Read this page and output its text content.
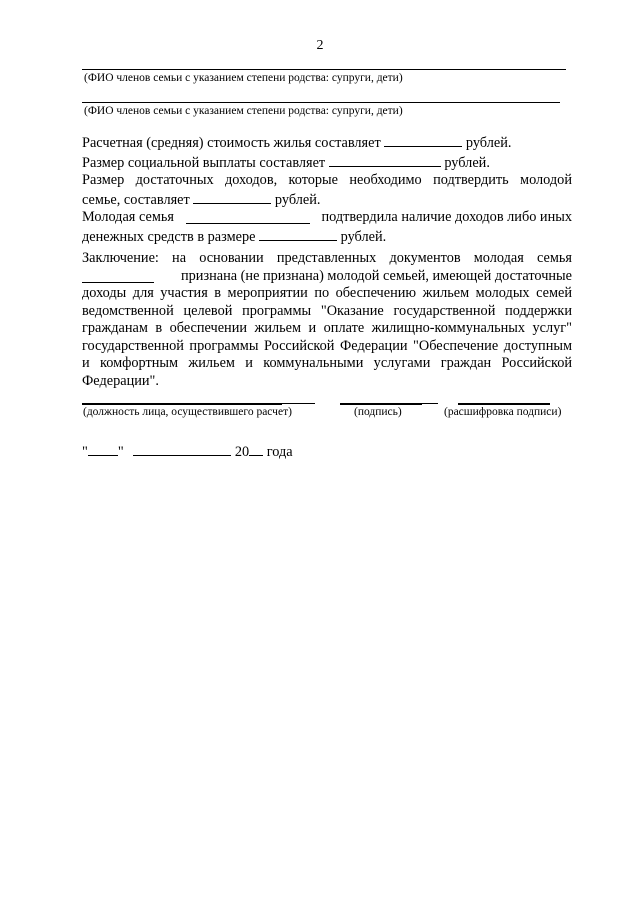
2
(ФИО членов семьи с указанием степени родства: супруги, дети)
(ФИО членов семьи с указанием степени родства: супруги, дети)
Расчетная (средняя) стоимость жилья составляет	рублей.
Размер социальной выплаты составляет	рублей.
Размер достаточных доходов, которые необходимо подтвердить молодой
семье, составляет	рублей.
Молодая семья	подтвердила наличие доходов либо иных
денежных средств в размере	рублей.
Заключение: на основании представленных документов молодая семья
признана (не признана) молодой семьей, имеющей достаточные
доходы для участия в мероприятии по обеспечению жильем молодых семей
ведомственной целевой программы "Оказание государственной поддержки
гражданам в обеспечении жильем и оплате жилищно-коммунальных услуг"
государственной программы Российской Федерации "Обеспечение доступным
и комфортным жильем и коммунальными услугами граждан Российской
Федерации".
(должность лица, осуществившего расчет)	(подпись)	(расшифровка подписи)
" "	20 года
